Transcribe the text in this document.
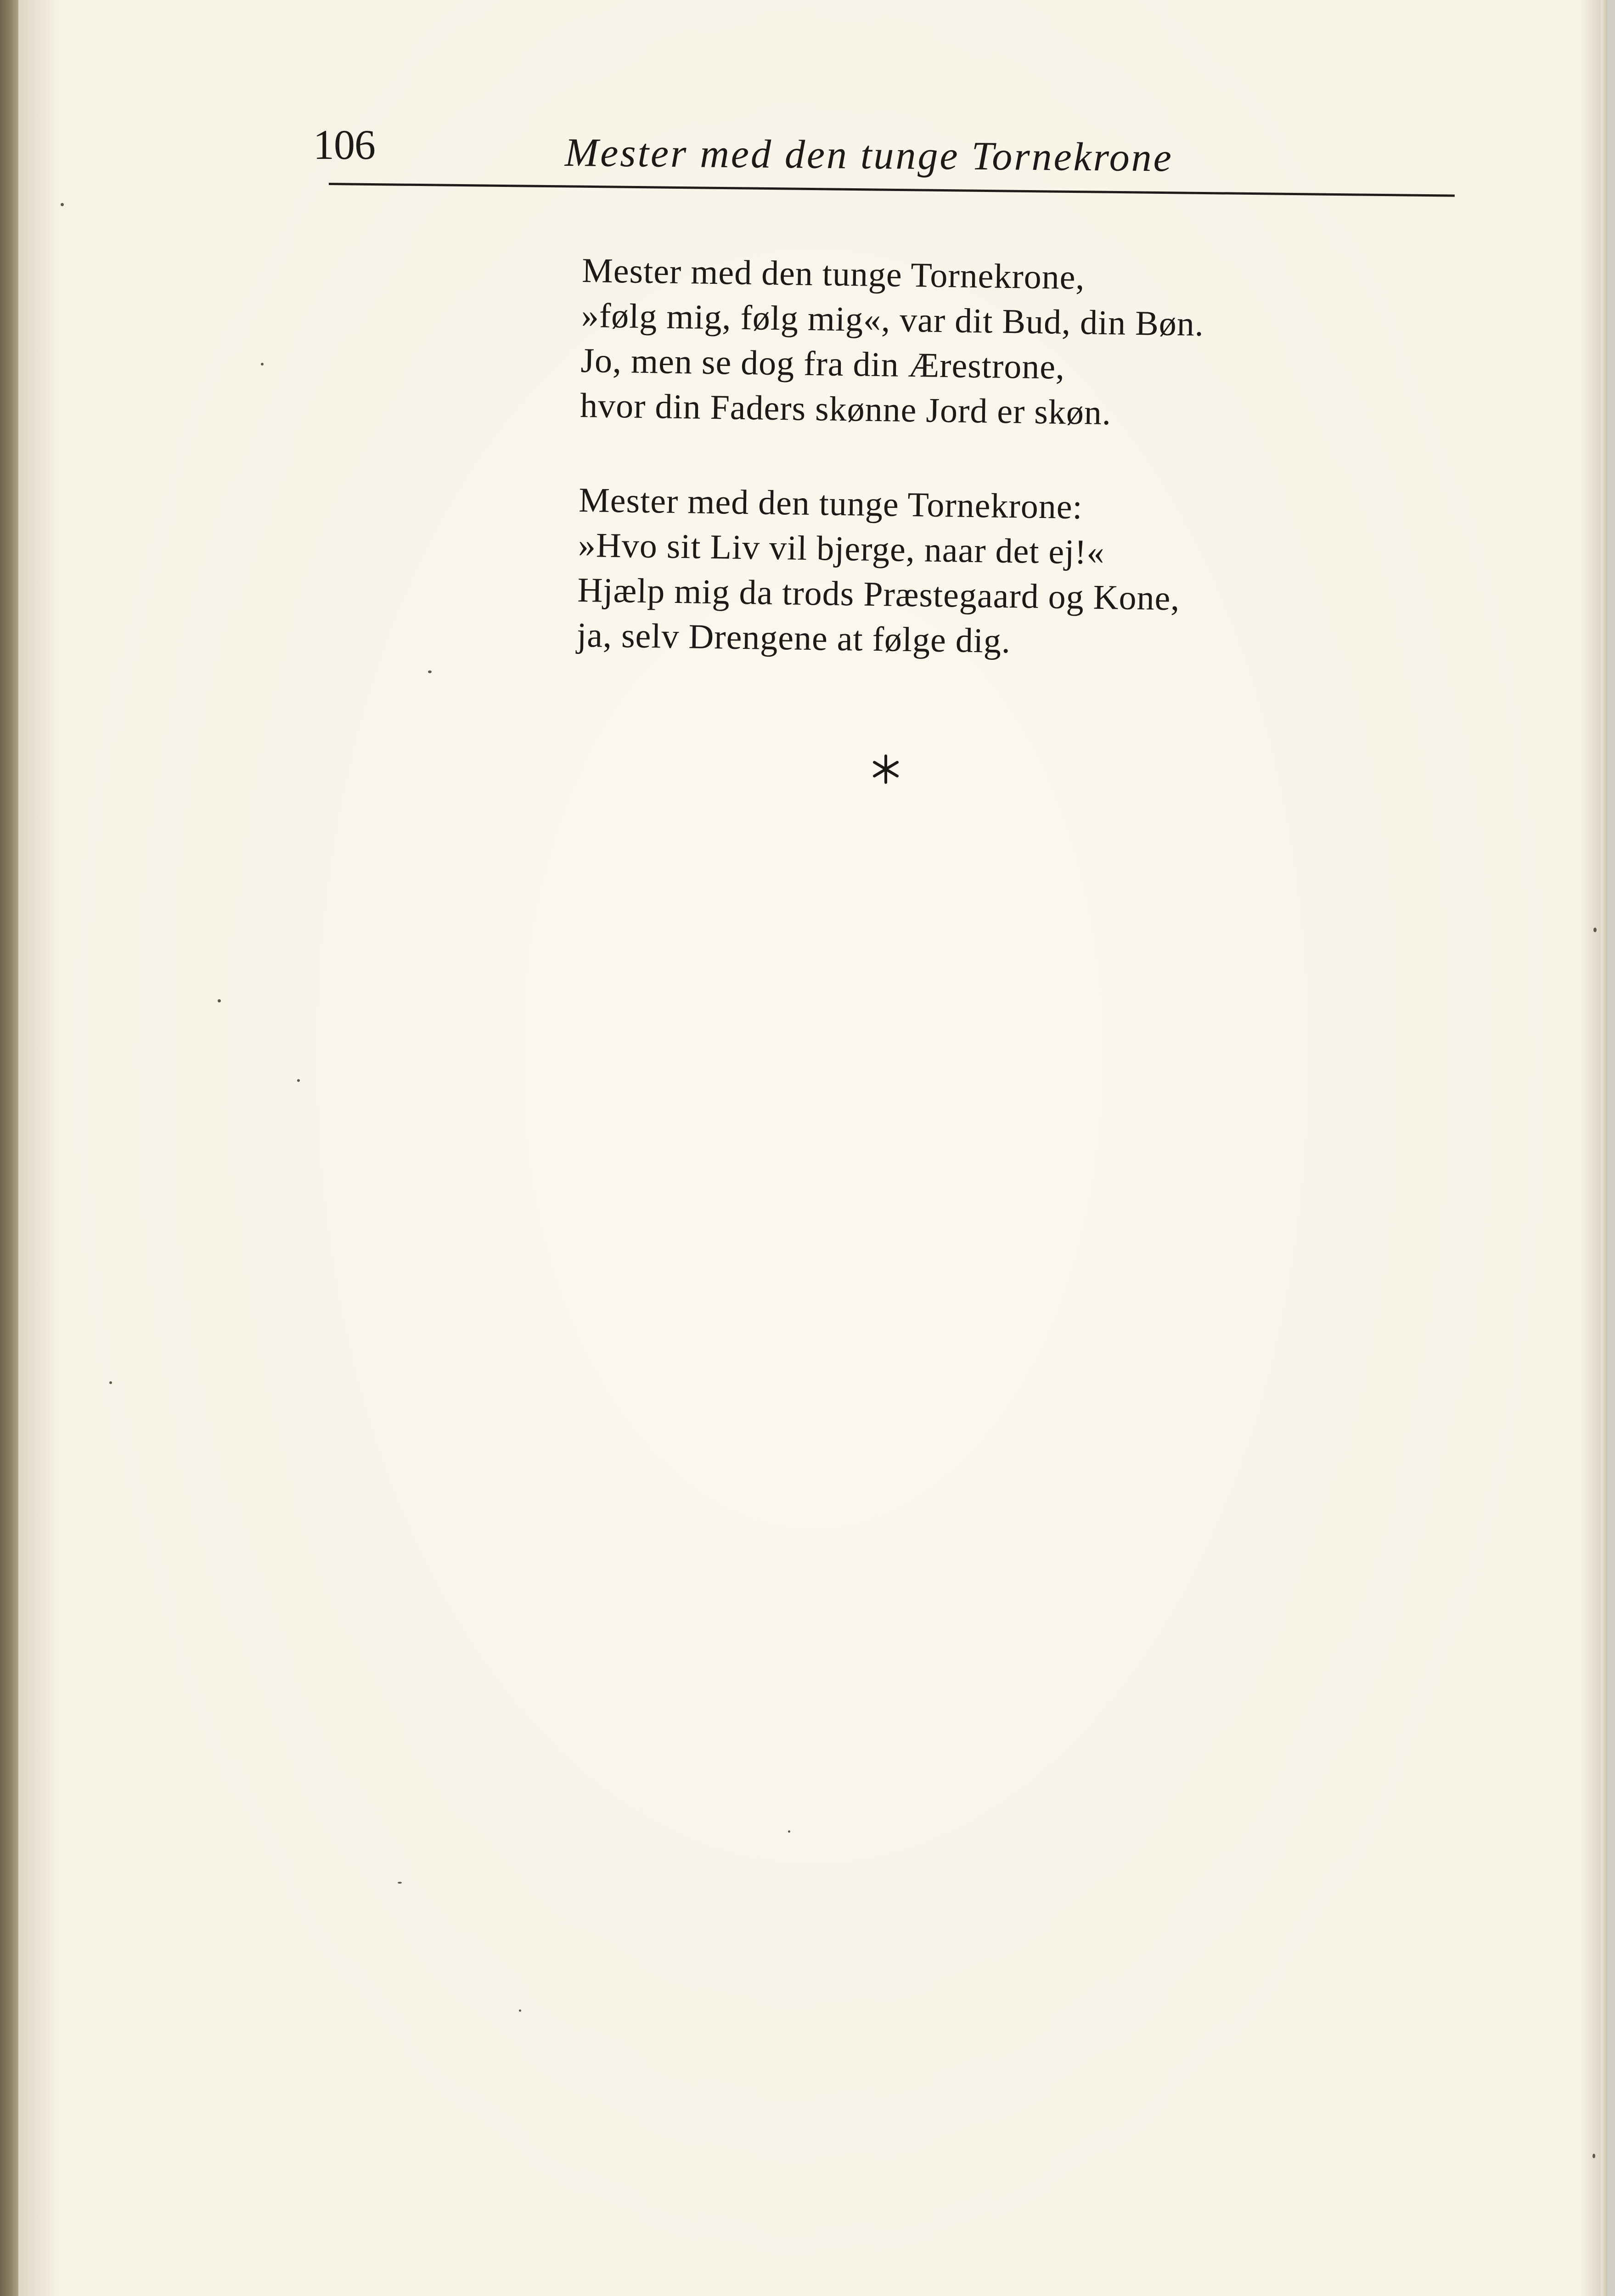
106	Mester med den tunge Tornekrone
Mester med den tunge Tornekrone,
»følg mig, følg mig«, var dit Bud, din Bøn.
Jo, men se dog fra din Ærestrone,
hvor din Faders skønne Jord er skøn.
Mester med den tunge Tornekrone:
»Hvo sit Liv vil bjerge, naar det ej!«
Hjælp mig da trods Præstegaard og Kone,
ja, selv Drengene at følge dig.
